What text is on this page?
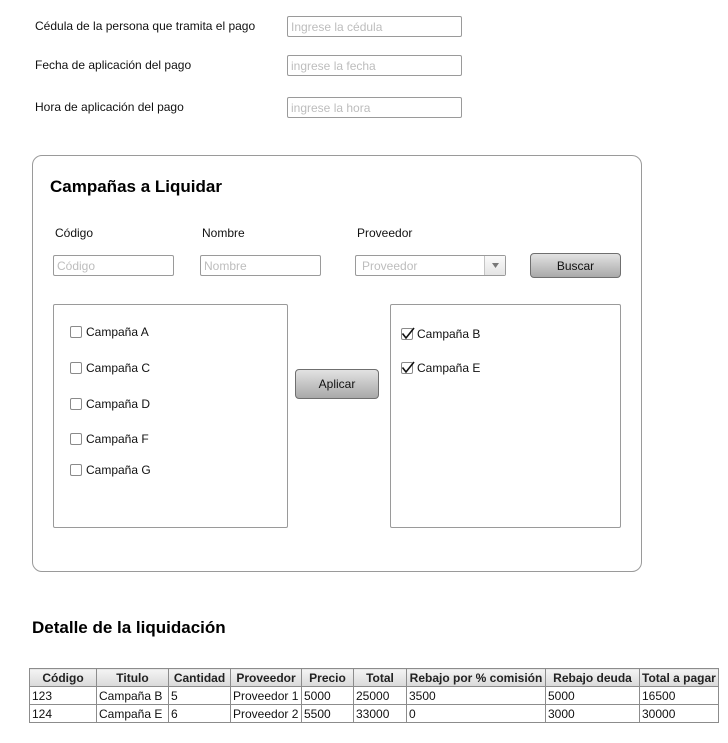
Cédula de la persona que tramita el pago
Ingrese la cédula
Fecha de aplicación del pago
ingrese la fecha
Hora de aplicación del pago
ingrese la hora
Campañas a Liquidar
Código
Código	Nombre
Nombre	Proveedor
Proveedor	Buscar
Campaña A
Campaña C
Campaña D
Campaña F
Campaña G
Aplicar
Campaña B
Campaña E
Detalle de la liquidación
Código	Titulo	Cantidad	Proveedor	Precio	Total	Rebajo por % comisión	Rebajo deuda	Total a pagar
123	Campaña B	5	Proveedor 1	5000	25000	3500	5000	16500
124	Campaña E	6	Proveedor 2	5500	33000	0	3000	30000
